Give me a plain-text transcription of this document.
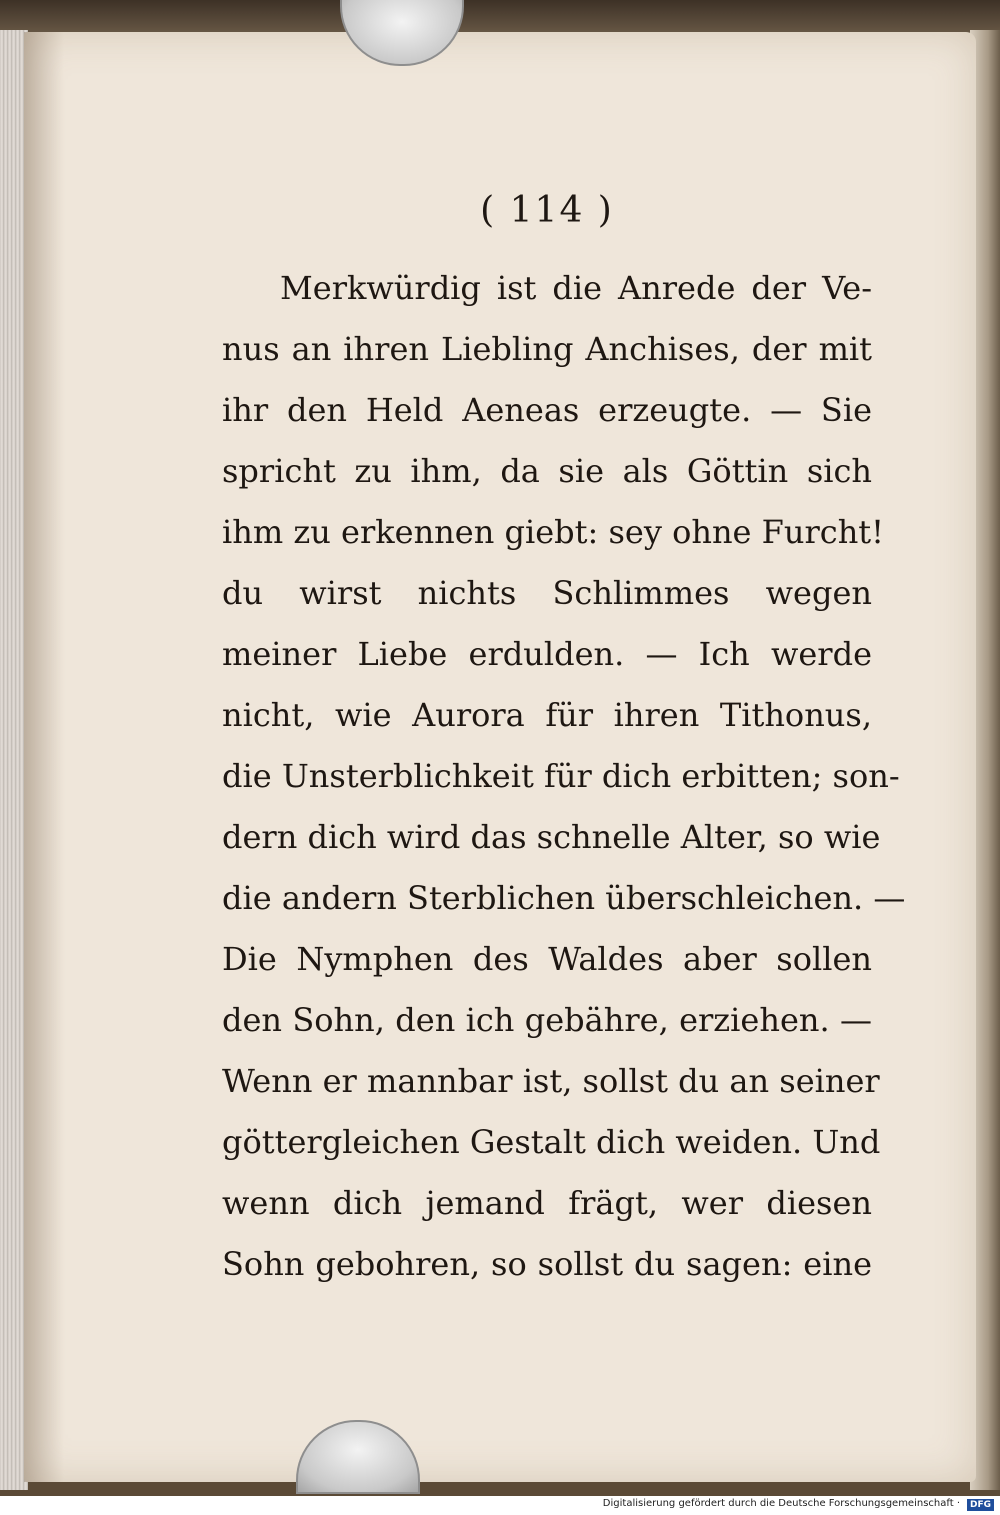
( 114 )
Merkwürdig ist die Anrede der Ve-
nus an ihren Liebling Anchises, der mit
ihr den Held Aeneas erzeugte. — Sie
spricht zu ihm, da sie als Göttin sich
ihm zu erkennen giebt: sey ohne Furcht!
du wirst nichts Schlimmes wegen
meiner Liebe erdulden. — Ich werde
nicht, wie Aurora für ihren Tithonus,
die Unsterblichkeit für dich erbitten; son-
dern dich wird das schnelle Alter, so wie
die andern Sterblichen überschleichen. —
Die Nymphen des Waldes aber sollen
den Sohn, den ich gebähre, erziehen. —
Wenn er mannbar ist, sollst du an seiner
göttergleichen Gestalt dich weiden. Und
wenn dich jemand frägt, wer diesen
Sohn gebohren, so sollst du sagen: eine
Digitalisierung gefördert durch die Deutsche Forschungsgemeinschaft ·	DFG
